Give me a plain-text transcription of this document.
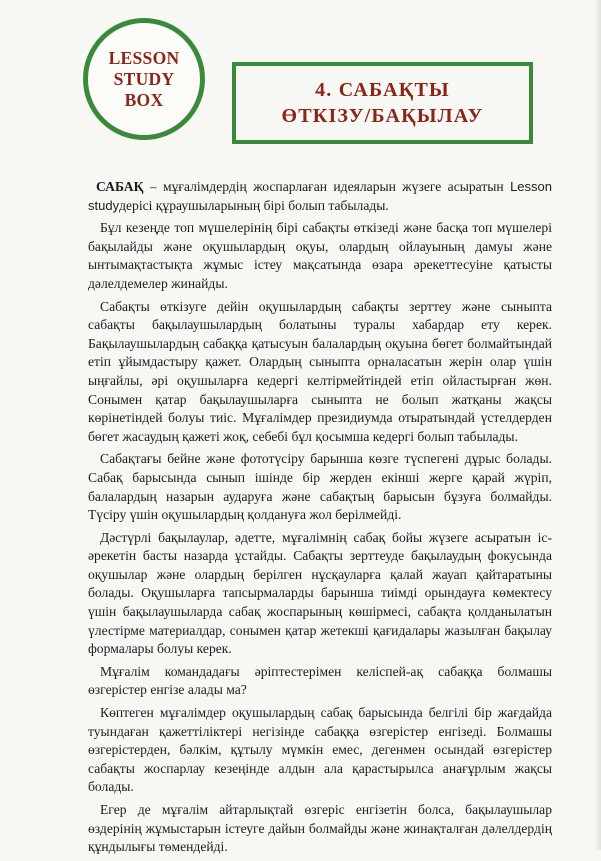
LESSON
STUDY
BOX	4. САБАҚТЫ
ӨТКІЗУ/БАҚЫЛАУ

САБАҚ – мұғалімдердің жоспарлаған идеяларын жүзеге асыратын Lesson studyдерісі құраушыларының бірі болып табылады.

Бұл кезеңде топ мүшелерінің бірі сабақты өткізеді және басқа топ мүшелері бақылайды және оқушылардың оқуы, олардың ойлауының дамуы және ынтымақтастықта жұмыс істеу мақсатында өзара әрекеттесуіне қатысты дәлелдемелер жинайды.

Сабақты өткізуге дейін оқушылардың сабақты зерттеу және сыныпта сабақты бақылаушылардың болатыны туралы хабардар ету керек. Бақылаушылардың сабаққа қатысуын балалардың оқуына бөгет болмайтындай етіп ұйымдастыру қажет. Олардың сыныпта орналасатын жерін олар үшін ыңғайлы, әрі оқушыларға кедергі келтірмейтіндей етіп ойластырған жөн. Сонымен қатар бақылаушыларға сыныпта не болып жатқаны жақсы көрінетіндей болуы тиіс. Мұғалімдер президиумда отыратындай үстелдерден бөгет жасаудың қажеті жоқ, себебі бұл қосымша кедергі болып табылады.

Сабақтағы бейне және фототүсіру барынша көзге түспегені дұрыс болады. Сабақ барысында сынып ішінде бір жерден екінші жерге қарай жүріп, балалардың назарын аударуға және сабақтың барысын бұзуға болмайды. Түсіру үшін оқушылардың қолдануға жол берілмейді.

Дәстүрлі бақылаулар, әдетте, мұғалімнің сабақ бойы жүзеге асыратын іс-әрекетін басты назарда ұстайды. Сабақты зерттеуде бақылаудың фокусында оқушылар және олардың берілген нұсқауларға қалай жауап қайтаратыны болады. Оқушыларға тапсырмаларды барынша тиімді орындауға көмектесу үшін бақылаушыларда сабақ жоспарының көшірмесі, сабақта қолданылатын үлестірме материалдар, сонымен қатар жетекші қағидалары жазылған бақылау формалары болуы керек.

Мұғалім командадағы әріптестерімен келіспей-ақ сабаққа болмашы өзгерістер енгізе алады ма?

Көптеген мұғалімдер оқушылардың сабақ барысында белгілі бір жағдайда туындаған қажеттіліктері негізінде сабаққа өзгерістер енгізеді. Болмашы өзгерістерден, бәлкім, құтылу мүмкін емес, дегенмен осындай өзгерістер сабақты жоспарлау кезеңінде алдын ала қарастырылса анағұрлым жақсы болады.

Егер де мұғалім айтарлықтай өзгеріс енгізетін болса, бақылаушылар өздерінің жұмыстарын істеуге дайын болмайды және жинақталған дәлелдердің құндылығы төмендейді.
